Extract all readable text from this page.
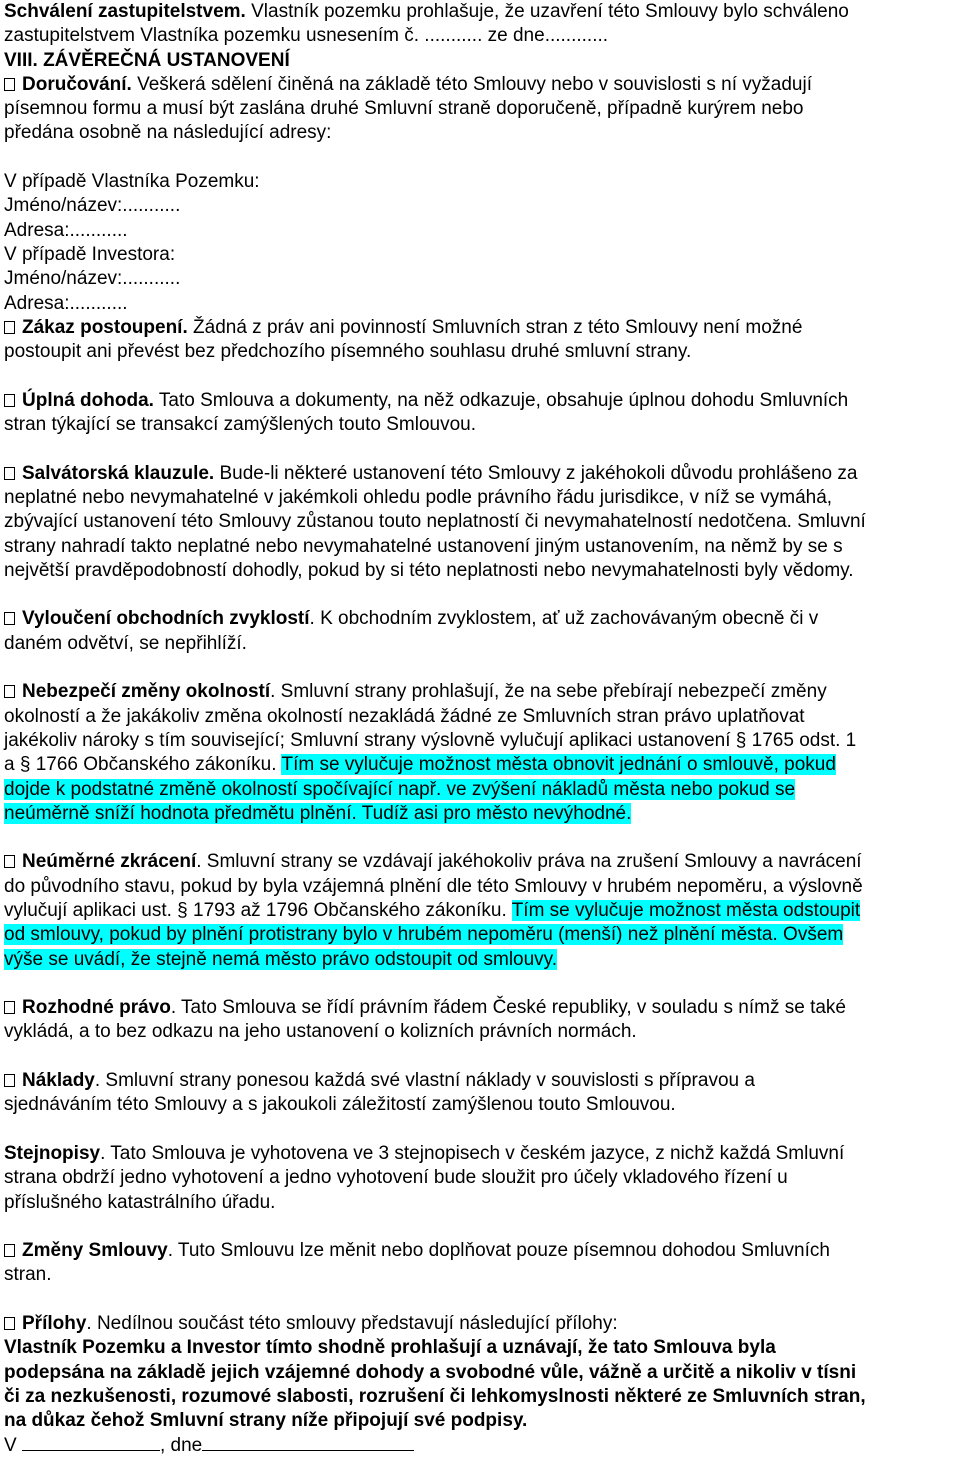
Schválení zastupitelstvem. Vlastník pozemku prohlašuje, že uzavření této Smlouvy bylo schváleno
zastupitelstvem Vlastníka pozemku usnesením č. ........... ze dne............
VIII. ZÁVĚREČNÁ USTANOVENÍ
Doručování. Veškerá sdělení činěná na základě této Smlouvy nebo v souvislosti s ní vyžadují
písemnou formu a musí být zaslána druhé Smluvní straně doporučeně, případně kurýrem nebo
předána osobně na následující adresy:
V případě Vlastníka Pozemku:
Jméno/název:...........
Adresa:...........
V případě Investora:
Jméno/název:...........
Adresa:...........
Zákaz postoupení. Žádná z práv ani povinností Smluvních stran z této Smlouvy není možné
postoupit ani převést bez předchozího písemného souhlasu druhé smluvní strany.
Úplná dohoda. Tato Smlouva a dokumenty, na něž odkazuje, obsahuje úplnou dohodu Smluvních
stran týkající se transakcí zamýšlených touto Smlouvou.
Salvátorská klauzule. Bude-li některé ustanovení této Smlouvy z jakéhokoli důvodu prohlášeno za
neplatné nebo nevymahatelné v jakémkoli ohledu podle právního řádu jurisdikce, v níž se vymáhá,
zbývající ustanovení této Smlouvy zůstanou touto neplatností či nevymahatelností nedotčena. Smluvní
strany nahradí takto neplatné nebo nevymahatelné ustanovení jiným ustanovením, na němž by se s
největší pravděpodobností dohodly, pokud by si této neplatnosti nebo nevymahatelnosti byly vědomy.
Vyloučení obchodních zvyklostí. K obchodním zvyklostem, ať už zachovávaným obecně či v
daném odvětví, se nepřihlíží.
Nebezpečí změny okolností. Smluvní strany prohlašují, že na sebe přebírají nebezpečí změny
okolností a že jakákoliv změna okolností nezakládá žádné ze Smluvních stran právo uplatňovat
jakékoliv nároky s tím související; Smluvní strany výslovně vylučují aplikaci ustanovení § 1765 odst. 1
a § 1766 Občanského zákoníku. Tím se vylučuje možnost města obnovit jednání o smlouvě, pokud
dojde k podstatné změně okolností spočívající např. ve zvýšení nákladů města nebo pokud se
neúměrně sníží hodnota předmětu plnění. Tudíž asi pro město nevýhodné.
Neúměrné zkrácení. Smluvní strany se vzdávají jakéhokoliv práva na zrušení Smlouvy a navrácení
do původního stavu, pokud by byla vzájemná plnění dle této Smlouvy v hrubém nepoměru, a výslovně
vylučují aplikaci ust. § 1793 až 1796 Občanského zákoníku. Tím se vylučuje možnost města odstoupit
od smlouvy, pokud by plnění protistrany bylo v hrubém nepoměru (menší) než plnění města. Ovšem
výše se uvádí, že stejně nemá město právo odstoupit od smlouvy.
Rozhodné právo. Tato Smlouva se řídí právním řádem České republiky, v souladu s nímž se také
vykládá, a to bez odkazu na jeho ustanovení o kolizních právních normách.
Náklady. Smluvní strany ponesou každá své vlastní náklady v souvislosti s přípravou a
sjednáváním této Smlouvy a s jakoukoli záležitostí zamýšlenou touto Smlouvou.
Stejnopisy. Tato Smlouva je vyhotovena ve 3 stejnopisech v českém jazyce, z nichž každá Smluvní
strana obdrží jedno vyhotovení a jedno vyhotovení bude sloužit pro účely vkladového řízení u
příslušného katastrálního úřadu.
Změny Smlouvy. Tuto Smlouvu lze měnit nebo doplňovat pouze písemnou dohodou Smluvních
stran.
Přílohy. Nedílnou součást této smlouvy představují následující přílohy:
Vlastník Pozemku a Investor tímto shodně prohlašují a uznávají, že tato Smlouva byla
podepsána na základě jejich vzájemné dohody a svobodné vůle, vážně a určitě a nikoliv v tísni
či za nezkušenosti, rozumové slabosti, rozrušení či lehkomyslnosti některé ze Smluvních stran,
na důkaz čehož Smluvní strany níže připojují své podpisy.
V	, dne
